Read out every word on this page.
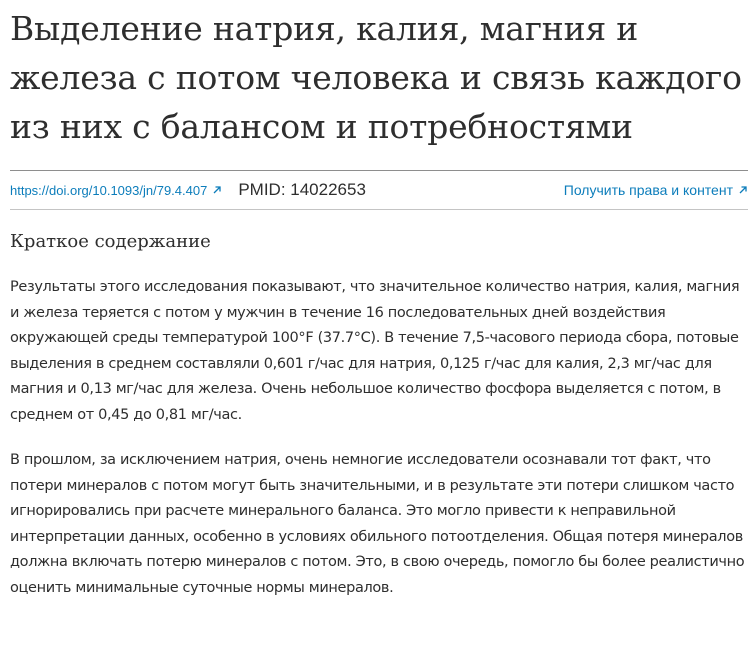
Выделение натрия, калия, магния и железа с потом человека и связь каждого из них с балансом и потребностями
https://doi.org/10.1093/jn/79.4.407 PMID: 14022653	Получить права и контент
Краткое содержание

Результаты этого исследования показывают, что значительное количество натрия, калия, магния и железа теряется с потом у мужчин в течение 16 последовательных дней воздействия окружающей среды температурой 100°F (37.7°C). В течение 7,5-часового периода сбора, потовые выделения в среднем составляли 0,601 г/час для натрия, 0,125 г/час для калия, 2,3 мг/час для магния и 0,13 мг/час для железа. Очень небольшое количество фосфора выделяется с потом, в среднем от 0,45 до 0,81 мг/час.

В прошлом, за исключением натрия, очень немногие исследователи осознавали тот факт, что потери минералов с потом могут быть значительными, и в результате эти потери слишком часто игнорировались при расчете минерального баланса. Это могло привести к неправильной интерпретации данных, особенно в условиях обильного потоотделения. Общая потеря минералов должна включать потерю минералов с потом. Это, в свою очередь, помогло бы более реалистично оценить минимальные суточные нормы минералов.
